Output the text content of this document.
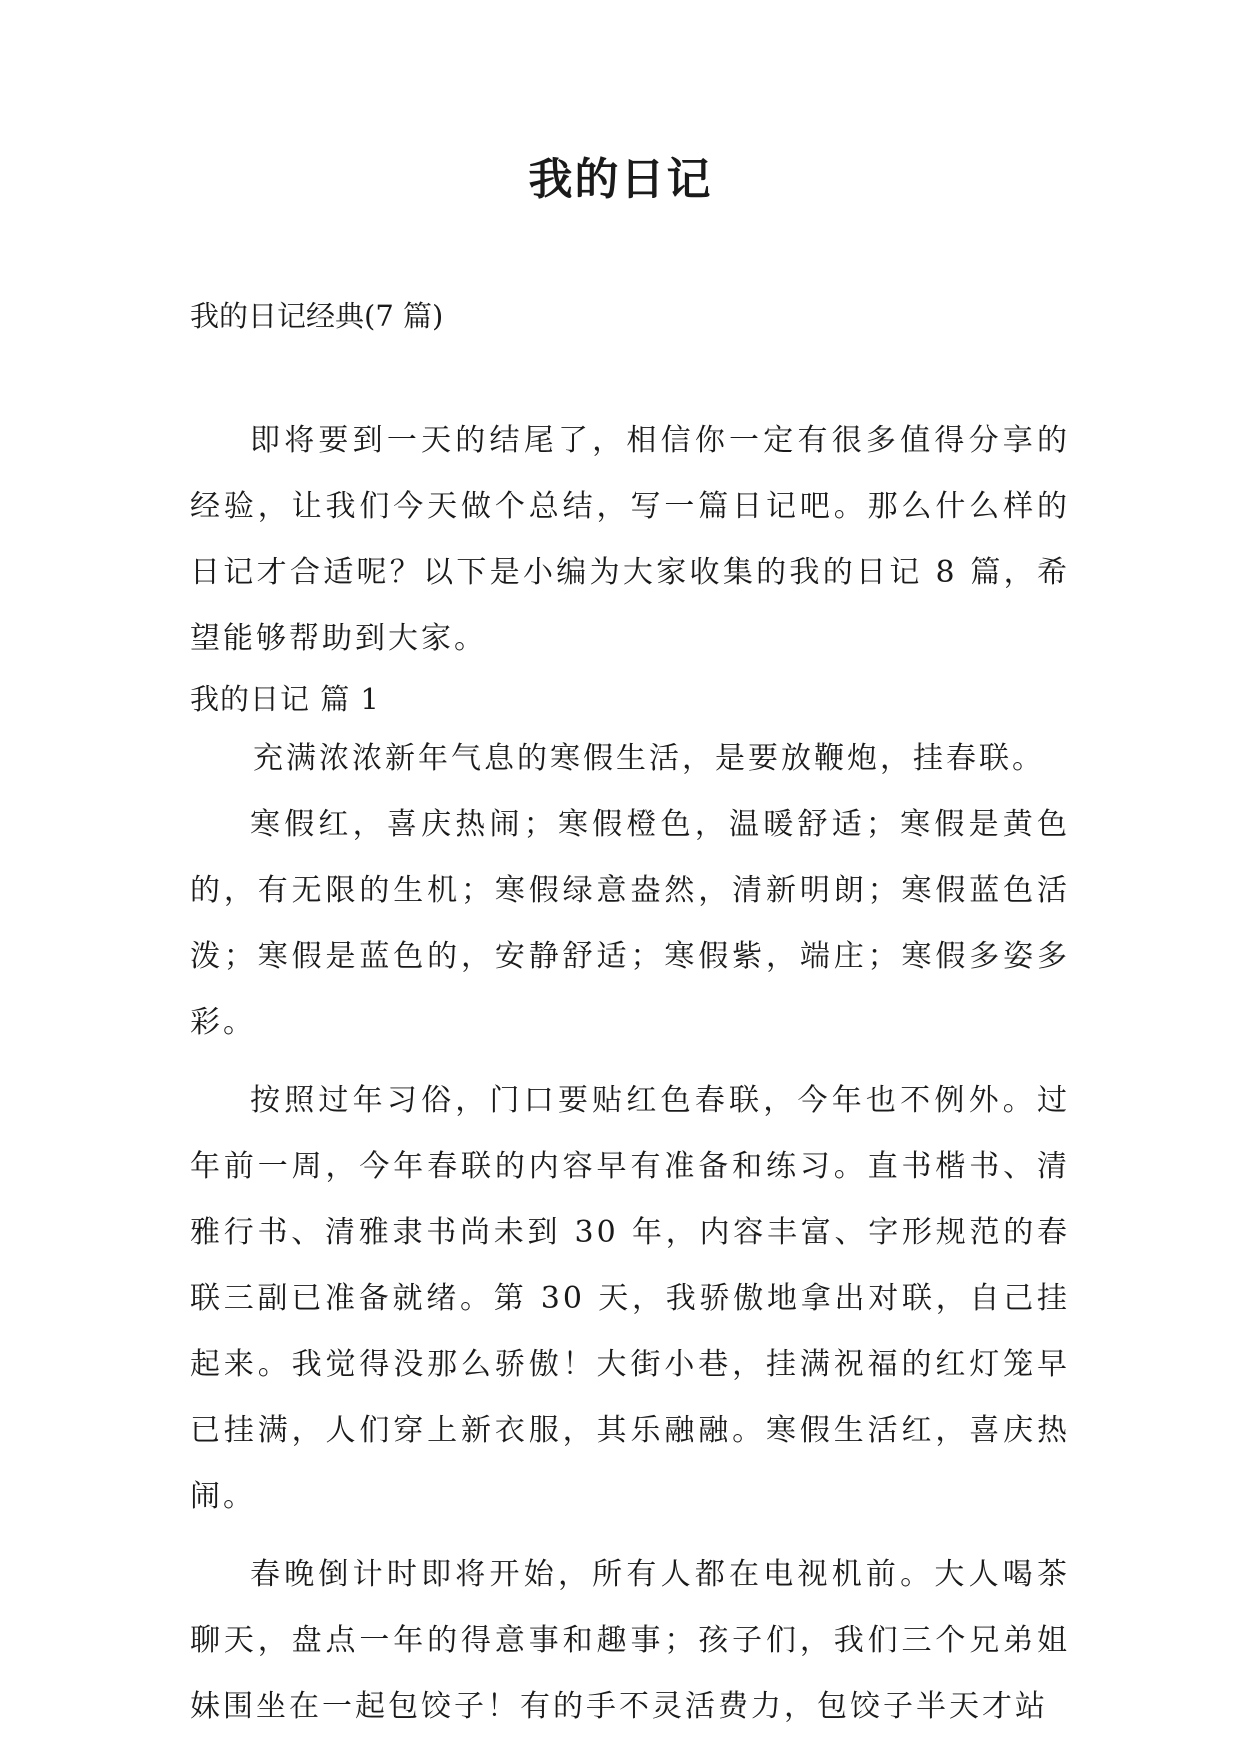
我的日记

我的日记经典(7 篇)

即将要到一天的结尾了，相信你一定有很多值得分享的经验，让我们今天做个总结，写一篇日记吧。那么什么样的日记才合适呢？以下是小编为大家收集的我的日记 8 篇，希望能够帮助到大家。

我的日记 篇 1

充满浓浓新年气息的寒假生活，是要放鞭炮，挂春联。

寒假红，喜庆热闹；寒假橙色，温暖舒适；寒假是黄色的，有无限的生机；寒假绿意盎然，清新明朗；寒假蓝色活泼；寒假是蓝色的，安静舒适；寒假紫，端庄；寒假多姿多彩。

按照过年习俗，门口要贴红色春联，今年也不例外。过年前一周，今年春联的内容早有准备和练习。直书楷书、清雅行书、清雅隶书尚未到 30 年，内容丰富、字形规范的春联三副已准备就绪。第 30 天，我骄傲地拿出对联，自己挂起来。我觉得没那么骄傲！大街小巷，挂满祝福的红灯笼早已挂满，人们穿上新衣服，其乐融融。寒假生活红，喜庆热闹。

春晚倒计时即将开始，所有人都在电视机前。大人喝茶聊天，盘点一年的得意事和趣事；孩子们，我们三个兄弟姐妹围坐在一起包饺子！有的手不灵活费力，包饺子半天才站
